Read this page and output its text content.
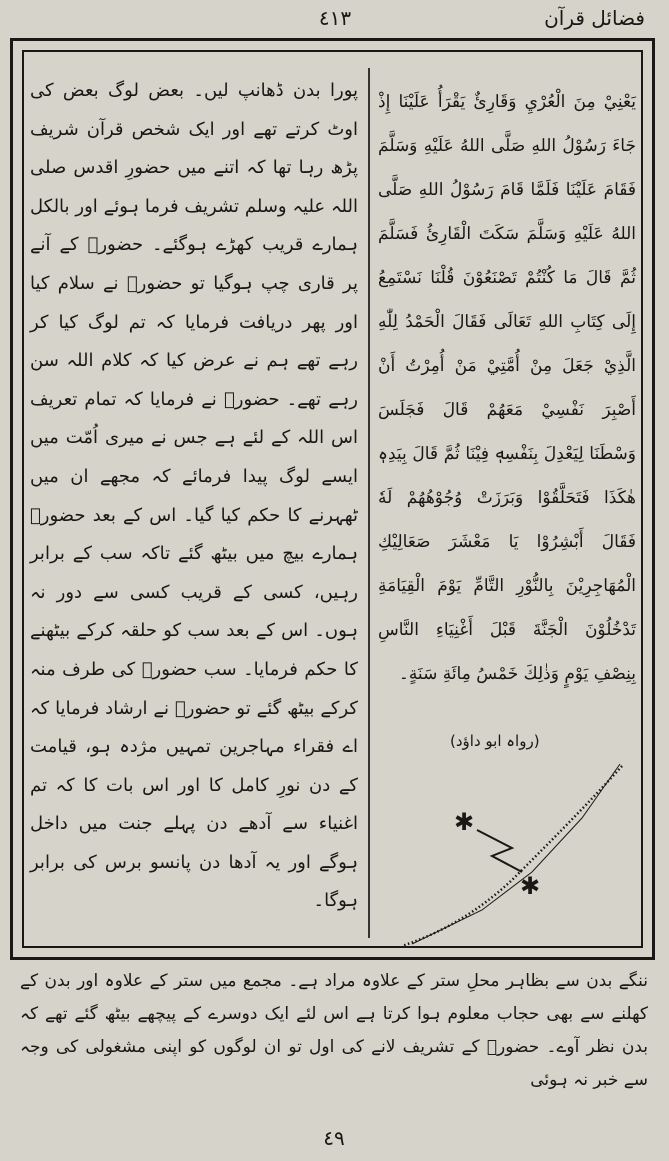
فضائل قرآن
٤١٣

پورا بدن ڈھانپ لیں۔ بعض لوگ بعض کی اوٹ کرتے تھے اور ایک شخص قرآن شریف پڑھ رہا تھا کہ اتنے میں حضورِ اقدس صلی اللہ علیہ وسلم تشریف فرما ہوئے اور بالکل ہمارے قریب کھڑے ہوگئے۔ حضورؐ کے آنے پر قاری چپ ہوگیا تو حضورؐ نے سلام کیا اور پھر دریافت فرمایا کہ تم لوگ کیا کر رہے تھے ہم نے عرض کیا کہ کلام اللہ سن رہے تھے۔ حضورؐ نے فرمایا کہ تمام تعریف اس اللہ کے لئے ہے جس نے میری اُمّت میں ایسے لوگ پیدا فرمائے کہ مجھے ان میں ٹھہرنے کا حکم کیا گیا۔ اس کے بعد حضورؐ ہمارے بیچ میں بیٹھ گئے تاکہ سب کے برابر رہیں، کسی کے قریب کسی سے دور نہ ہوں۔ اس کے بعد سب کو حلقہ کرکے بیٹھنے کا حکم فرمایا۔ سب حضورؐ کی طرف منہ کرکے بیٹھ گئے تو حضورؐ نے ارشاد فرمایا کہ اے فقراء مہاجرین تمہیں مژدہ ہو، قیامت کے دن نورِ کامل کا اور اس بات کا کہ تم اغنیاء سے آدھے دن پہلے جنت میں داخل ہوگے اور یہ آدھا دن پانسو برس کی برابر ہوگا۔

يَعْنِيْ مِنَ الْعُرْيِ وَقَارِئٌ يَقْرَأُ عَلَيْنَا إِذْ جَاءَ رَسُوْلُ اللهِ صَلَّى اللهُ عَلَيْهِ وَسَلَّمَ فَقَامَ عَلَيْنَا فَلَمَّا قَامَ رَسُوْلُ اللهِ صَلَّى اللهُ عَلَيْهِ وَسَلَّمَ سَكَتَ الْقَارِئُ فَسَلَّمَ ثُمَّ قَالَ مَا كُنْتُمْ تَصْنَعُوْنَ قُلْنَا نَسْتَمِعُ إِلَى كِتَابِ اللهِ تَعَالَى فَقَالَ الْحَمْدُ لِلّٰهِ الَّذِيْ جَعَلَ مِنْ أُمَّتِيْ مَنْ أُمِرْتُ أَنْ أَصْبِرَ نَفْسِيْ مَعَهُمْ قَالَ فَجَلَسَ وَسْطَنَا لِيَعْدِلَ بِنَفْسِهٖ فِيْنَا ثُمَّ قَالَ بِيَدِهٖ هٰكَذَا فَتَحَلَّقُوْا وَبَرَزَتْ وُجُوْهُهُمْ لَهٗ فَقَالَ أَبْشِرُوْا يَا مَعْشَرَ صَعَالِيْكِ الْمُهَاجِرِيْنَ بِالنُّوْرِ التَّامِّ يَوْمَ الْقِيَامَةِ تَدْخُلُوْنَ الْجَنَّةَ قَبْلَ أَغْنِيَاءِ النَّاسِ بِنِصْفِ يَوْمٍ وَذٰلِكَ خَمْسُ مِائَةِ سَنَةٍ۔

(رواہ ابو داؤد)
✱
✱

ننگے بدن سے بظاہر محلِ ستر کے علاوہ مراد ہے۔ مجمع میں ستر کے علاوہ اور بدن کے کھلنے سے بھی حجاب معلوم ہوا کرتا ہے اس لئے ایک دوسرے کے پیچھے بیٹھ گئے تھے کہ بدن نظر آوے۔ حضورؐ کے تشریف لانے کی اول تو ان لوگوں کو اپنی مشغولی کی وجہ سے خبر نہ ہوئی

٤٩
